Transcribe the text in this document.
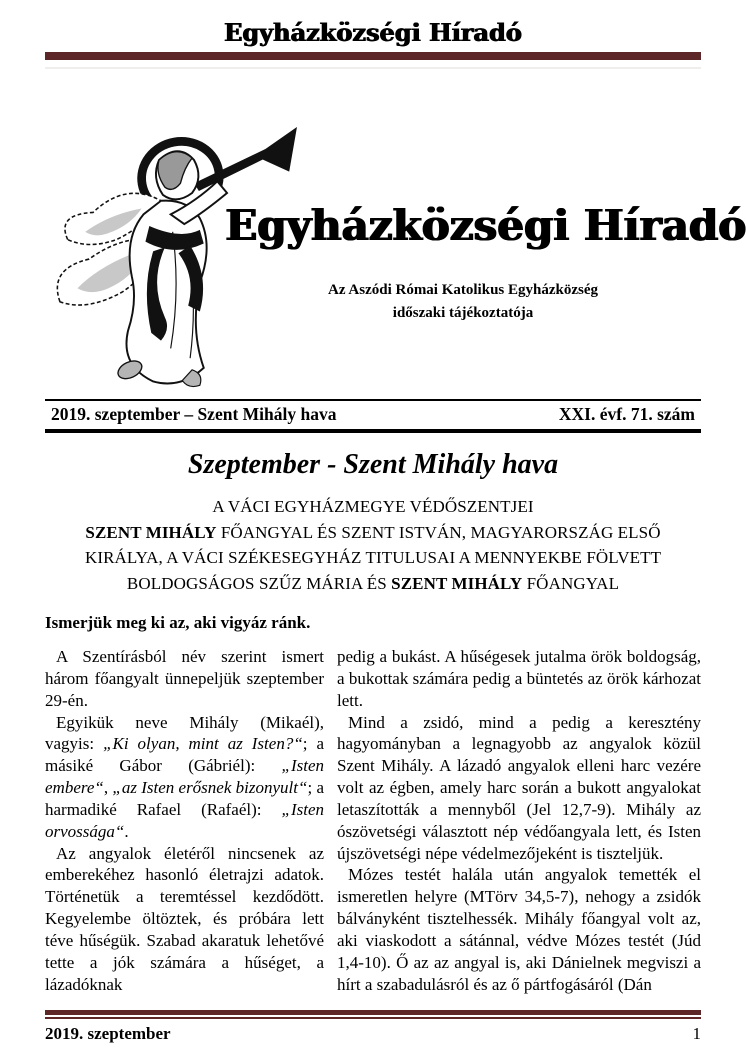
Egyházközségi Híradó
Egyházközségi Híradó
Az Aszódi Római Katolikus Egyházközség
időszaki tájékoztatója
2019. szeptember – Szent Mihály hava	XXI. évf. 71. szám
Szeptember - Szent Mihály hava
A VÁCI EGYHÁZMEGYE VÉDŐSZENTJEI
SZENT MIHÁLY FŐANGYAL ÉS SZENT ISTVÁN, MAGYARORSZÁG ELSŐ
KIRÁLYA, A VÁCI SZÉKESEGYHÁZ TITULUSAI A MENNYEKBE FÖLVETT
BOLDOGSÁGOS SZŰZ MÁRIA ÉS SZENT MIHÁLY FŐANGYAL
Ismerjük meg ki az, aki vigyáz ránk.

A Szentírásból név szerint ismert három főangyalt ünnepeljük szeptember 29-én.

Egyikük neve Mihály (Mikaél), vagyis: „Ki olyan, mint az Isten?“; a másiké Gábor (Gábriél): „Isten embere“, „az Isten erősnek bizonyult“; a harmadiké Rafael (Rafaél): „Isten orvossága“.

Az angyalok életéről nincsenek az emberekéhez hasonló életrajzi adatok. Történetük a teremtéssel kezdődött. Kegyelembe öltöztek, és próbára lett téve hűségük. Szabad akaratuk lehetővé tette a jók számára a hűséget, a lázadóknak

pedig a bukást. A hűségesek jutalma örök boldogság, a bukottak számára pedig a büntetés az örök kárhozat lett.

Mind a zsidó, mind a pedig a keresztény hagyományban a legnagyobb az angyalok közül Szent Mihály. A lázadó angyalok elleni harc vezére volt az égben, amely harc során a bukott angyalokat letaszították a mennyből (Jel 12,7-9). Mihály az ószövetségi választott nép védőangyala lett, és Isten újszövetségi népe védelmezőjeként is tiszteljük.

Mózes testét halála után angyalok temették el ismeretlen helyre (MTörv 34,5-7), nehogy a zsidók bálványként tisztelhessék. Mihály főangyal volt az, aki viaskodott a sátánnal, védve Mózes testét (Júd 1,4-10). Ő az az angyal is, aki Dánielnek megviszi a hírt a szabadulásról és az ő pártfogásáról (Dán

2019. szeptember	1
